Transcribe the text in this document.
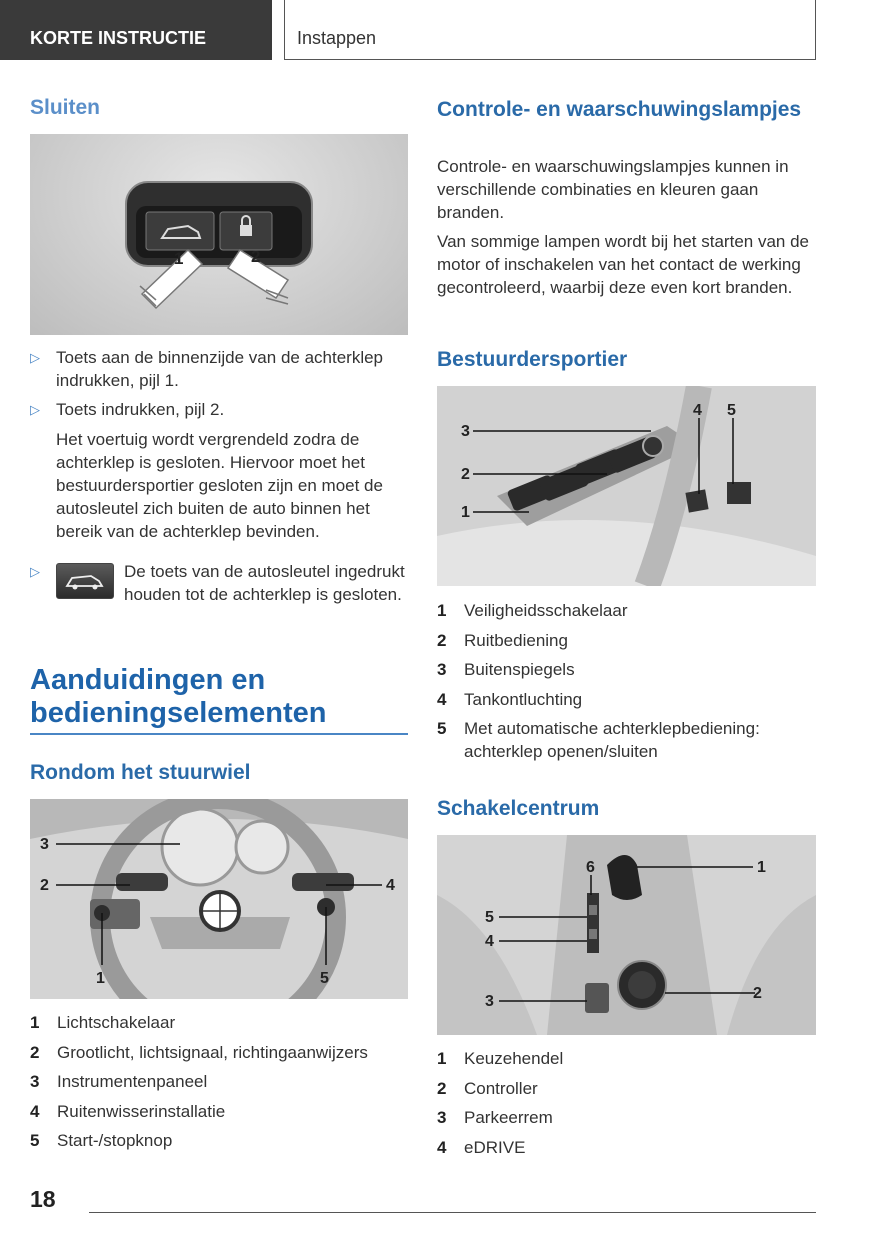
KORTE INSTRUCTIE	Instappen
Sluiten
1	2
▷ Toets aan de binnenzijde van de achterklep indrukken, pijl 1.
▷ Toets indrukken, pijl 2.

Het voertuig wordt vergrendeld zodra de achterklep is gesloten. Hiervoor moet het bestuurdersportier gesloten zijn en moet de autosleutel zich buiten de auto binnen het bereik van de achterklep bevinden.

▷	De toets van de autosleutel ingedrukt houden tot de achterklep is gesloten.
Aanduidingen en bedieningselementen
Rondom het stuurwiel
3
2
1
4
5
1 Lichtschakelaar
2 Grootlicht, lichtsignaal, richtingaanwijzers
3 Instrumentenpaneel
4 Ruitenwisserinstallatie
5 Start-/stopknop
Controle- en waarschuwingslampjes

Controle- en waarschuwingslampjes kunnen in verschillende combinaties en kleuren gaan branden.

Van sommige lampen wordt bij het starten van de motor of inschakelen van het contact de werking gecontroleerd, waarbij deze even kort branden.

Bestuurdersportier
3
2
1
4 5
1 Veiligheidsschakelaar
2 Ruitbediening
3 Buitenspiegels
4 Tankontluchting
5 Met automatische achterklepbediening: achterklep openen/sluiten
Schakelcentrum
1
2
3
4
5
6
1 Keuzehendel
2 Controller
3 Parkeerrem
4 eDRIVE
18
